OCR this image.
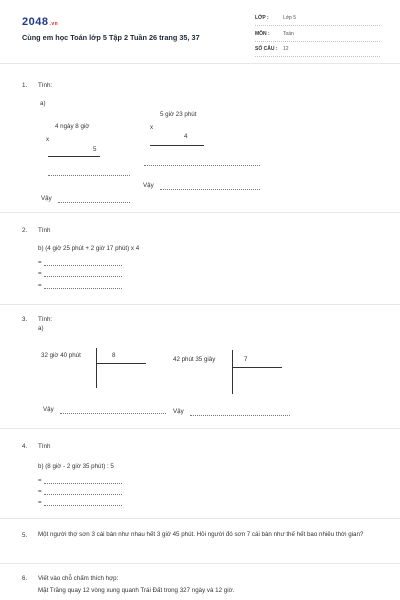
2048.vn
Cùng em học Toán lớp 5 Tập 2 Tuần 26 trang 35, 37
LỚP :	Lớp 5
MÔN :	Toán
SỐ CÂU : 12
1. Tính:
a)
4 ngày 8 giờ
x
5
5 giờ 23 phút
x
4
Vậy
Vậy
2. Tính
b) (4 giờ 25 phút + 2 giờ 17 phút) x 4
=
=
=
3. Tính:
a)
32 giờ 40 phút	8
42 phút 35 giây	7
Vậy	Vậy
4. Tính
b) (8 giờ - 2 giờ 35 phút) : 5
=
=
=
5. Một người thợ sơn 3 cái bàn như nhau hết 3 giờ 45 phút. Hỏi người đó sơn 7 cái bàn như thế hết bao nhiêu thời gian?
6. Viết vào chỗ chấm thích hợp:
Mặt Trăng quay 12 vòng xung quanh Trái Đất trong 327 ngày và 12 giờ.
